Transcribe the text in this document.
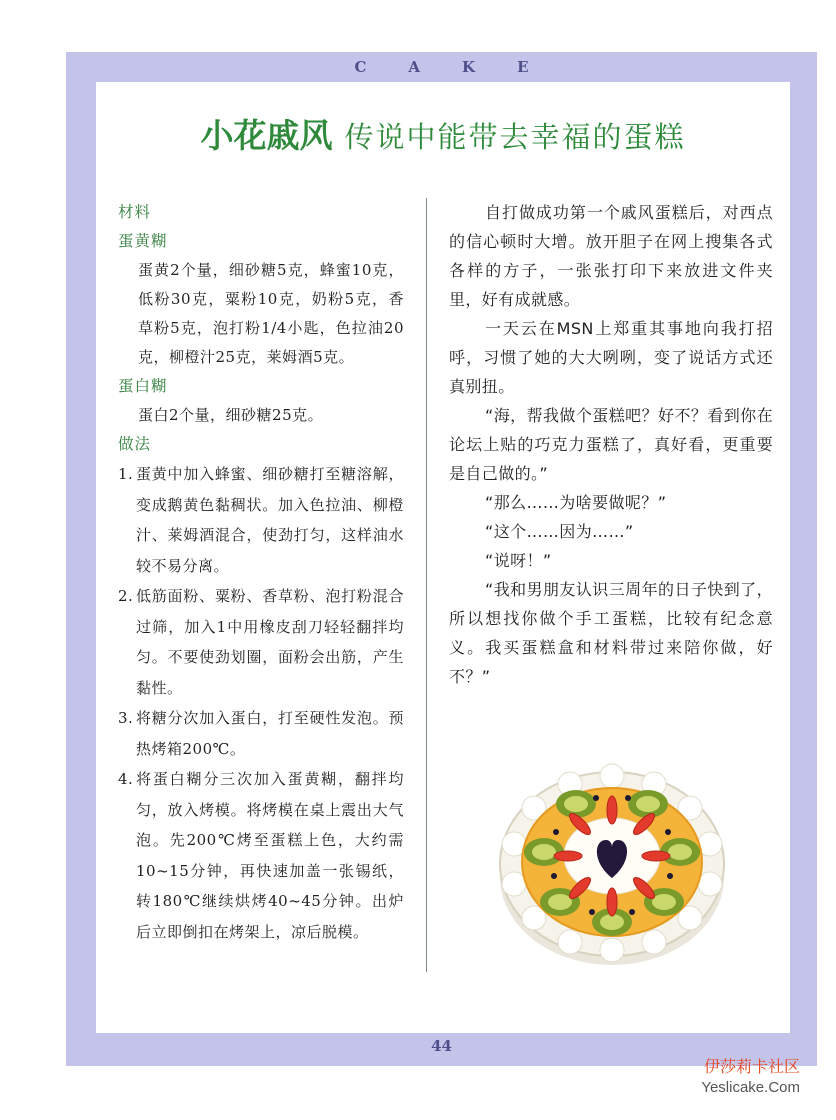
CAKE
小花戚风 传说中能带去幸福的蛋糕
材料
蛋黄糊
蛋黄2个量，细砂糖5克，蜂蜜10克，低粉30克，粟粉10克，奶粉5克，香草粉5克，泡打粉1/4小匙，色拉油20克，柳橙汁25克，莱姆酒5克。
蛋白糊
蛋白2个量，细砂糖25克。
做法
1. 蛋黄中加入蜂蜜、细砂糖打至糖溶解，变成鹅黄色黏稠状。加入色拉油、柳橙汁、莱姆酒混合，使劲打匀，这样油水较不易分离。
2. 低筋面粉、粟粉、香草粉、泡打粉混合过筛，加入1中用橡皮刮刀轻轻翻拌均匀。不要使劲划圈，面粉会出筋，产生黏性。
3. 将糖分次加入蛋白，打至硬性发泡。预热烤箱200℃。
4. 将蛋白糊分三次加入蛋黄糊，翻拌均匀，放入烤模。将烤模在桌上震出大气泡。先200℃烤至蛋糕上色，大约需10~15分钟，再快速加盖一张锡纸，转180℃继续烘烤40~45分钟。出炉后立即倒扣在烤架上，凉后脱模。

自打做成功第一个戚风蛋糕后，对西点的信心顿时大增。放开胆子在网上搜集各式各样的方子，一张张打印下来放进文件夹里，好有成就感。

一天云在MSN上郑重其事地向我打招呼，习惯了她的大大咧咧，变了说话方式还真别扭。

“海，帮我做个蛋糕吧？好不？看到你在论坛上贴的巧克力蛋糕了，真好看，更重要是自己做的。”

“那么……为啥要做呢？”

“这个……因为……”

“说呀！”

“我和男朋友认识三周年的日子快到了，所以想找你做个手工蛋糕，比较有纪念意义。我买蛋糕盒和材料带过来陪你做，好不？”

44
伊莎莉卡社区
Yeslicake.Com
